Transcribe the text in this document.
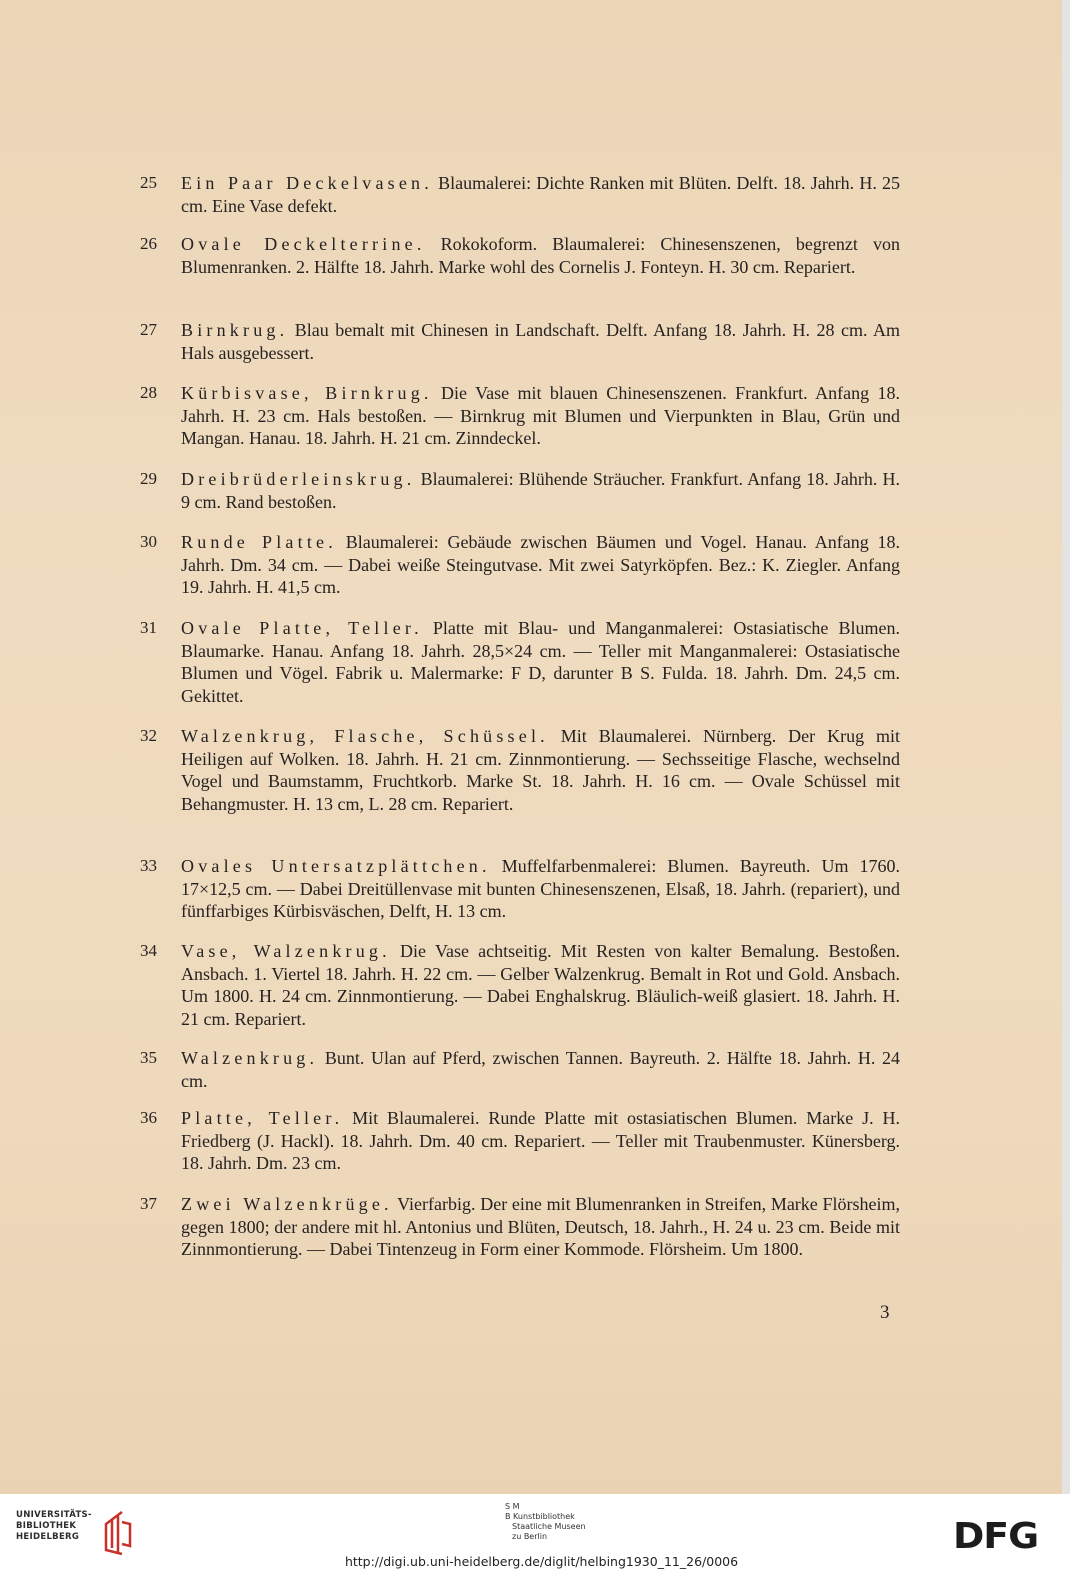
25	Ein Paar Deckelvasen. Blaumalerei: Dichte Ranken mit Blüten. Delft. 18. Jahrh. H. 25 cm. Eine Vase defekt.
26	Ovale Deckelterrine. Rokokoform. Blaumalerei: Chinesenszenen, begrenzt von Blumenranken. 2. Hälfte 18. Jahrh. Marke wohl des Cornelis J. Fonteyn. H. 30 cm. Repariert.
27	Birnkrug. Blau bemalt mit Chinesen in Landschaft. Delft. Anfang 18. Jahrh. H. 28 cm. Am Hals ausgebessert.
28	Kürbisvase, Birnkrug. Die Vase mit blauen Chinesenszenen. Frankfurt. Anfang 18. Jahrh. H. 23 cm. Hals bestoßen. — Birnkrug mit Blumen und Vierpunkten in Blau, Grün und Mangan. Hanau. 18. Jahrh. H. 21 cm. Zinndeckel.
29	Dreibrüderleinskrug. Blaumalerei: Blühende Sträucher. Frankfurt. Anfang 18. Jahrh. H. 9 cm. Rand bestoßen.
30	Runde Platte. Blaumalerei: Gebäude zwischen Bäumen und Vogel. Hanau. Anfang 18. Jahrh. Dm. 34 cm. — Dabei weiße Steingutvase. Mit zwei Satyrköpfen. Bez.: K. Ziegler. Anfang 19. Jahrh. H. 41,5 cm.
31	Ovale Platte, Teller. Platte mit Blau- und Manganmalerei: Ostasiatische Blumen. Blaumarke. Hanau. Anfang 18. Jahrh. 28,5×24 cm. — Teller mit Manganmalerei: Ostasiatische Blumen und Vögel. Fabrik u. Malermarke: F D, darunter B S. Fulda. 18. Jahrh. Dm. 24,5 cm. Gekittet.
32	Walzenkrug, Flasche, Schüssel. Mit Blaumalerei. Nürnberg. Der Krug mit Heiligen auf Wolken. 18. Jahrh. H. 21 cm. Zinnmontierung. — Sechsseitige Flasche, wechselnd Vogel und Baumstamm, Fruchtkorb. Marke St. 18. Jahrh. H. 16 cm. — Ovale Schüssel mit Behangmuster. H. 13 cm, L. 28 cm. Repariert.
33	Ovales Untersatzplättchen. Muffelfarbenmalerei: Blumen. Bayreuth. Um 1760. 17×12,5 cm. — Dabei Dreitüllenvase mit bunten Chinesenszenen, Elsaß, 18. Jahrh. (repariert), und fünffarbiges Kürbisväschen, Delft, H. 13 cm.
34	Vase, Walzenkrug. Die Vase achtseitig. Mit Resten von kalter Bemalung. Bestoßen. Ansbach. 1. Viertel 18. Jahrh. H. 22 cm. — Gelber Walzenkrug. Bemalt in Rot und Gold. Ansbach. Um 1800. H. 24 cm. Zinnmontierung. — Dabei Enghalskrug. Bläulich-weiß glasiert. 18. Jahrh. H. 21 cm. Repariert.
35	Walzenkrug. Bunt. Ulan auf Pferd, zwischen Tannen. Bayreuth. 2. Hälfte 18. Jahrh. H. 24 cm.
36	Platte, Teller. Mit Blaumalerei. Runde Platte mit ostasiatischen Blumen. Marke J. H. Friedberg (J. Hackl). 18. Jahrh. Dm. 40 cm. Repariert. — Teller mit Traubenmuster. Künersberg. 18. Jahrh. Dm. 23 cm.
37	Zwei Walzenkrüge. Vierfarbig. Der eine mit Blumenranken in Streifen, Marke Flörsheim, gegen 1800; der andere mit hl. Antonius und Blüten, Deutsch, 18. Jahrh., H. 24 u. 23 cm. Beide mit Zinnmontierung. — Dabei Tintenzeug in Form einer Kommode. Flörsheim. Um 1800.
3
UNIVERSITÄTS-
BIBLIOTHEK
HEIDELBERG
S M
B Kunstbibliothek
Staatliche Museen
zu Berlin	DFG
http://digi.ub.uni-heidelberg.de/diglit/helbing1930_11_26/0006
